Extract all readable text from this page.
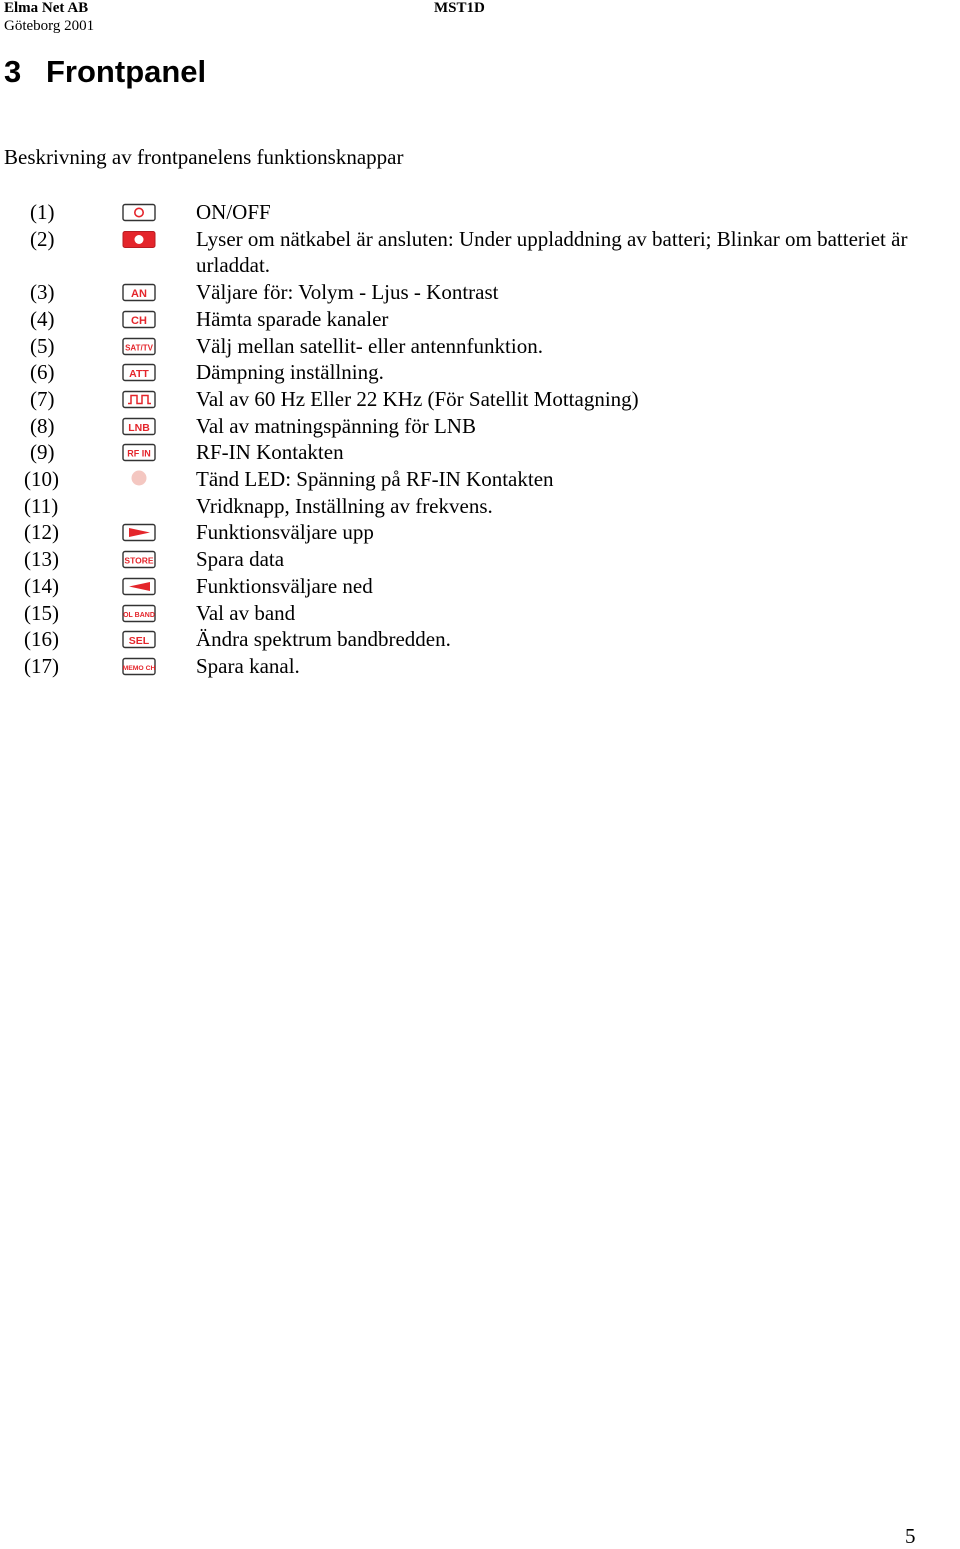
Elma Net AB
Göteborg 2001
MST1D
3 Frontpanel

Beskrivning av frontpanelens funktionsknappar

(1)	ON/OFF
(2)	Lyser om nätkabel är ansluten: Under uppladdning av batteri; Blinkar om batteriet är urladdat.
(3)	AN Väljare för: Volym - Ljus - Kontrast
(4)	CH Hämta sparade kanaler
(5)	SAT/TV Välj mellan satellit- eller antennfunktion.
(6)	ATT Dämpning inställning.
(7)	Val av 60 Hz Eller 22 KHz (För Satellit Mottagning)
(8)	LNB Val av matningspänning för LNB
(9)	RF IN RF-IN Kontakten
(10)	Tänd LED: Spänning på RF-IN Kontakten
(11)	Vridknapp, Inställning av frekvens.
(12)	Funktionsväljare upp
(13)	STORE Spara data
(14)	Funktionsväljare ned
(15)	OL BAND Val av band
(16)	SEL Ändra spektrum bandbredden.
(17)	MEMO CH Spara kanal.
5
